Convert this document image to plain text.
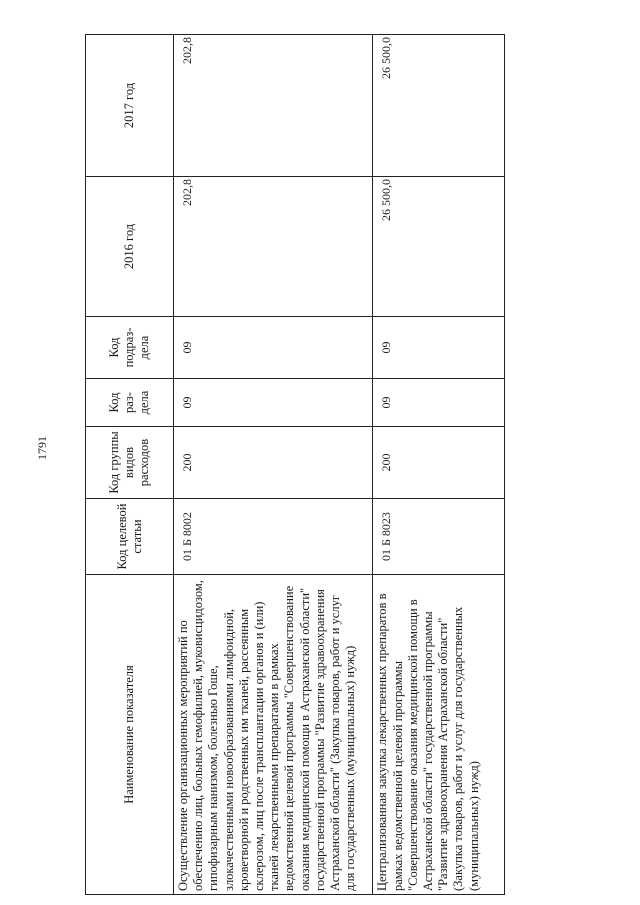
1791
Наименование показателя	Код целевой статьи	Код группы видов расходов	Код раз-дела	Код подраз-дела	2016 год	2017 год
Осуществление организационных мероприятий по обеспечению лиц, больных гемофилией, муковисцидозом, гипофизарным нанизмом, болезнью Гоше, злокачественными новообразованиями лимфоидной, кроветворной и родственных им тканей, рассеянным склерозом, лиц после трансплантации органов и (или) тканей лекарственными препаратами в рамках ведомственной целевой программы "Совершенствование оказания медицинской помощи в Астраханской области" государственной программы "Развитие здравоохранения Астраханской области" (Закупка товаров, работ и услуг для государственных (муниципальных) нужд)	01 Б 8002	200	09	09	202,8	202,8
Централизованная закупка лекарственных препаратов в рамках ведомственной целевой программы "Совершенствование оказания медицинской помощи в Астраханской области" государственной программы "Развитие здравоохранения Астраханской области" (Закупка товаров, работ и услуг для государственных (муниципальных) нужд)	01 Б 8023	200	09	09	26 500,0	26 500,0
